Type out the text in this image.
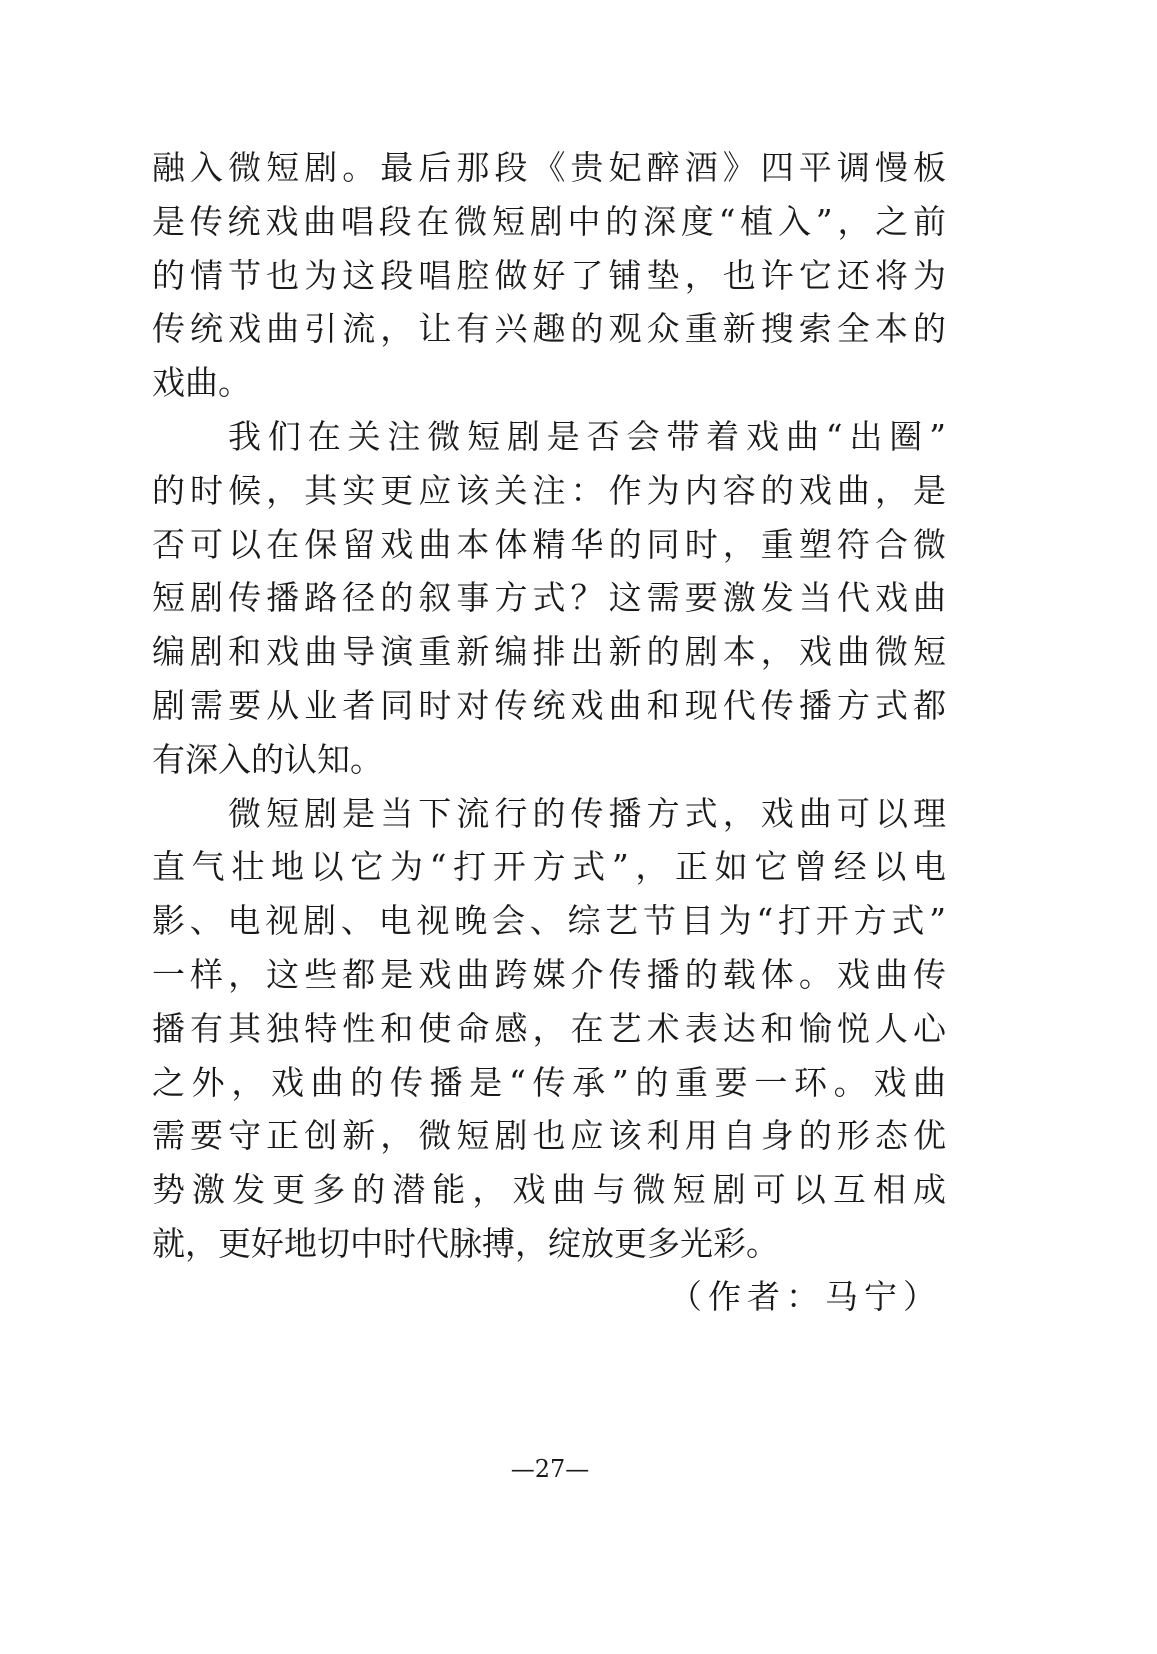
融入微短剧。最后那段《贵妃醉酒》四平调慢板
是传统戏曲唱段在微短剧中的深度“植入”，之前
的情节也为这段唱腔做好了铺垫，也许它还将为
传统戏曲引流，让有兴趣的观众重新搜索全本的
戏曲。
我们在关注微短剧是否会带着戏曲“出圈”
的时候，其实更应该关注：作为内容的戏曲，是
否可以在保留戏曲本体精华的同时，重塑符合微
短剧传播路径的叙事方式？这需要激发当代戏曲
编剧和戏曲导演重新编排出新的剧本，戏曲微短
剧需要从业者同时对传统戏曲和现代传播方式都
有深入的认知。
微短剧是当下流行的传播方式，戏曲可以理
直气壮地以它为“打开方式”，正如它曾经以电
影、电视剧、电视晚会、综艺节目为“打开方式”
一样，这些都是戏曲跨媒介传播的载体。戏曲传
播有其独特性和使命感，在艺术表达和愉悦人心
之外，戏曲的传播是“传承”的重要一环。戏曲
需要守正创新，微短剧也应该利用自身的形态优
势激发更多的潜能，戏曲与微短剧可以互相成
就，更好地切中时代脉搏，绽放更多光彩。
（作者：马宁）
—27—
